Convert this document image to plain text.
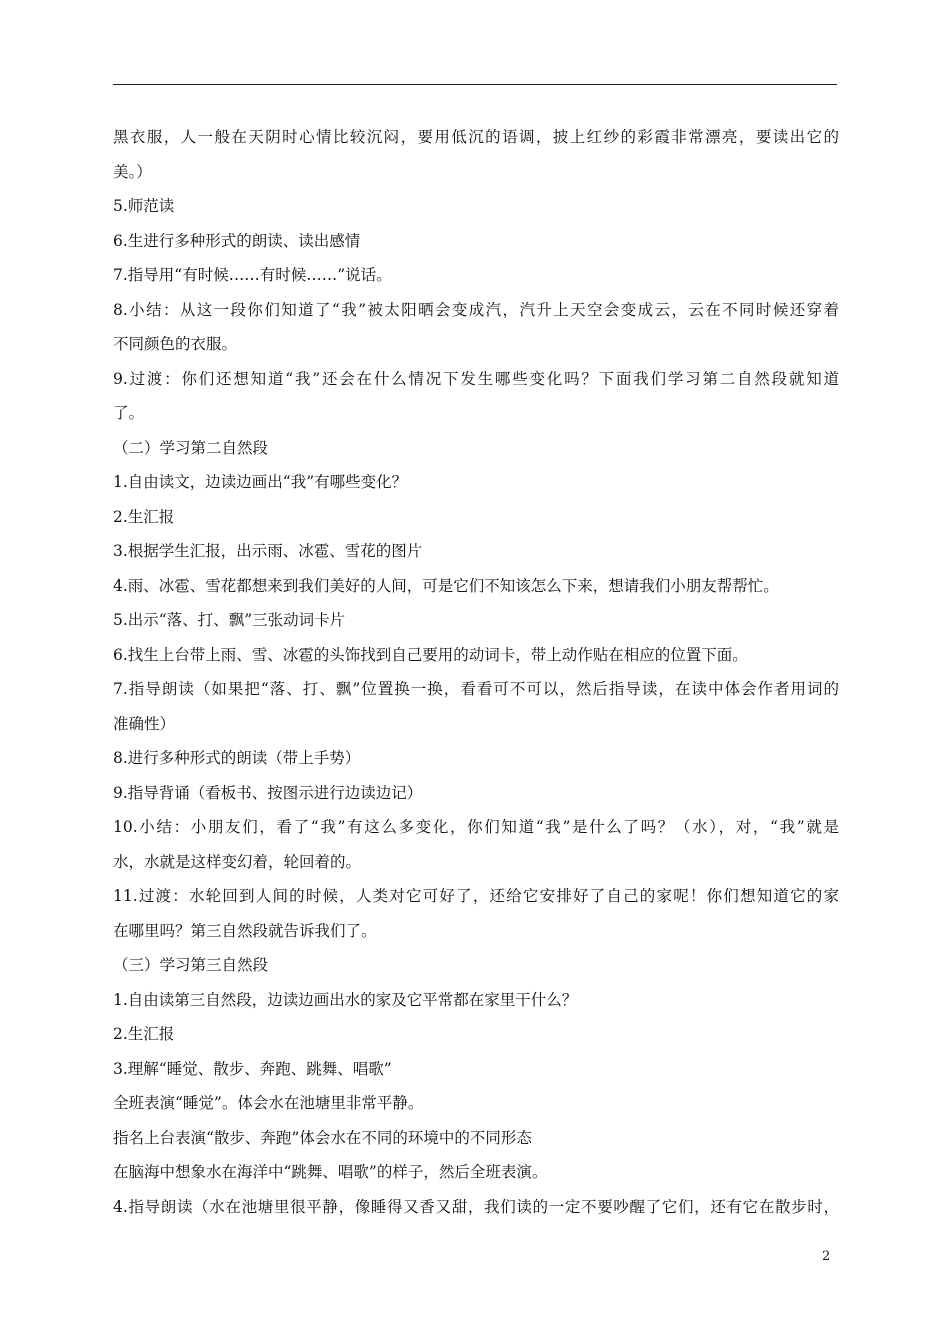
黑衣服，人一般在天阴时心情比较沉闷，要用低沉的语调，披上红纱的彩霞非常漂亮，要读出它的
美。）
5.师范读
6.生进行多种形式的朗读、读出感情
7.指导用“有时候……有时候……”说话。
8.小结：从这一段你们知道了“我”被太阳晒会变成汽，汽升上天空会变成云，云在不同时候还穿着
不同颜色的衣服。
9.过渡：你们还想知道“我”还会在什么情况下发生哪些变化吗？下面我们学习第二自然段就知道
了。
（二）学习第二自然段
1.自由读文，边读边画出“我”有哪些变化？
2.生汇报
3.根据学生汇报，出示雨、冰雹、雪花的图片
4.雨、冰雹、雪花都想来到我们美好的人间，可是它们不知该怎么下来，想请我们小朋友帮帮忙。
5.出示“落、打、飘”三张动词卡片
6.找生上台带上雨、雪、冰雹的头饰找到自己要用的动词卡，带上动作贴在相应的位置下面。
7.指导朗读（如果把“落、打、飘”位置换一换，看看可不可以，然后指导读，在读中体会作者用词的
准确性）
8.进行多种形式的朗读（带上手势）
9.指导背诵（看板书、按图示进行边读边记）
10.小结：小朋友们，看了“我”有这么多变化，你们知道“我”是什么了吗？（水），对，“我”就是
水，水就是这样变幻着，轮回着的。
11.过渡：水轮回到人间的时候，人类对它可好了，还给它安排好了自己的家呢！你们想知道它的家
在哪里吗？第三自然段就告诉我们了。
（三）学习第三自然段
1.自由读第三自然段，边读边画出水的家及它平常都在家里干什么？
2.生汇报
3.理解“睡觉、散步、奔跑、跳舞、唱歌”
全班表演“睡觉”。体会水在池塘里非常平静。
指名上台表演“散步、奔跑”体会水在不同的环境中的不同形态
在脑海中想象水在海洋中“跳舞、唱歌”的样子，然后全班表演。
4.指导朗读（水在池塘里很平静，像睡得又香又甜，我们读的一定不要吵醒了它们，还有它在散步时，
2
